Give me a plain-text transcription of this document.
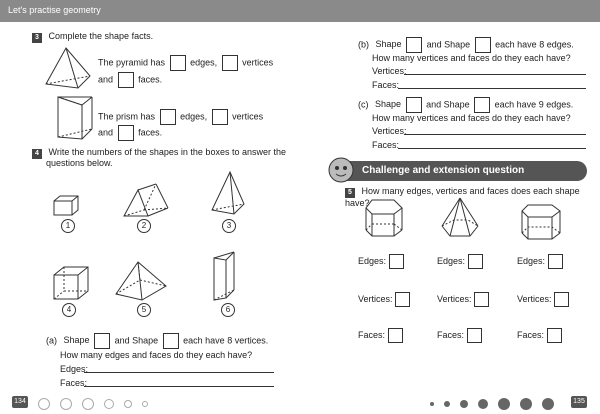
Let's practise geometry
3 Complete the shape facts.
The pyramid has	edges,	vertices
and	faces.
The prism has	edges,	vertices
and	faces.
4 Write the numbers of the shapes in the boxes to answer the
questions below.
1	2	3
4	5	6
(a) Shape	and Shape	each have 8 vertices.
How many edges and faces do they each have?
Edges:
Faces:
(b) Shape	and Shape	each have 8 edges.
How many vertices and faces do they each have?
Vertices:
Faces:
(c) Shape	and Shape	each have 9 edges.
How many vertices and faces do they each have?
Vertices:
Faces:
Challenge and extension question
5 How many edges, vertices and faces does each shape have?
Edges:	Edges:	Edges:
Vertices:	Vertices:	Vertices:
Faces:	Faces:	Faces:
134	135
